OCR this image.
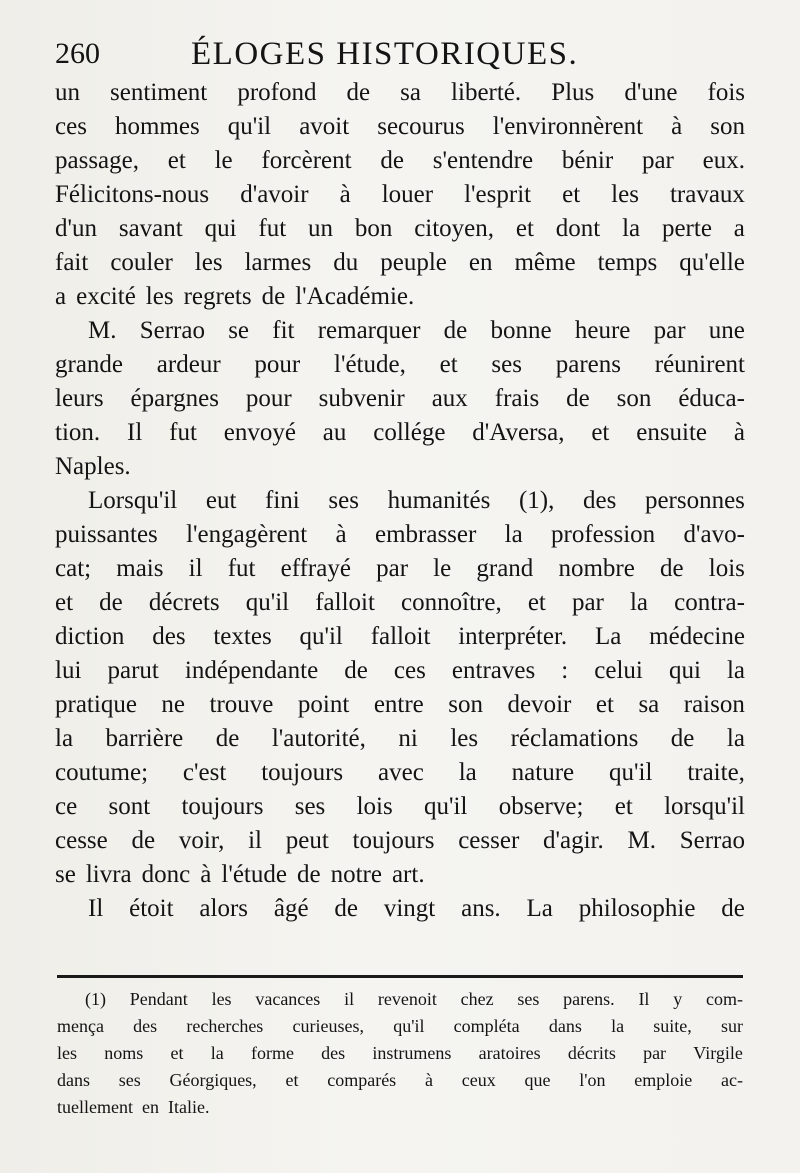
260	ÉLOGES HISTORIQUES.
un sentiment profond de sa liberté. Plus d'une fois
ces hommes qu'il avoit secourus l'environnèrent à son
passage, et le forcèrent de s'entendre bénir par eux.
Félicitons-nous d'avoir à louer l'esprit et les travaux
d'un savant qui fut un bon citoyen, et dont la perte a
fait couler les larmes du peuple en même temps qu'elle
a excité les regrets de l'Académie.
M. Serrao se fit remarquer de bonne heure par une
grande ardeur pour l'étude, et ses parens réunirent
leurs épargnes pour subvenir aux frais de son éduca-
tion. Il fut envoyé au collége d'Aversa, et ensuite à
Naples.
Lorsqu'il eut fini ses humanités (1), des personnes
puissantes l'engagèrent à embrasser la profession d'avo-
cat; mais il fut effrayé par le grand nombre de lois
et de décrets qu'il falloit connoître, et par la contra-
diction des textes qu'il falloit interpréter. La médecine
lui parut indépendante de ces entraves : celui qui la
pratique ne trouve point entre son devoir et sa raison
la barrière de l'autorité, ni les réclamations de la
coutume; c'est toujours avec la nature qu'il traite,
ce sont toujours ses lois qu'il observe; et lorsqu'il
cesse de voir, il peut toujours cesser d'agir. M. Serrao
se livra donc à l'étude de notre art.
Il étoit alors âgé de vingt ans. La philosophie de
(1) Pendant les vacances il revenoit chez ses parens. Il y com-
mença des recherches curieuses, qu'il compléta dans la suite, sur
les noms et la forme des instrumens aratoires décrits par Virgile
dans ses Géorgiques, et comparés à ceux que l'on emploie ac-
tuellement en Italie.
